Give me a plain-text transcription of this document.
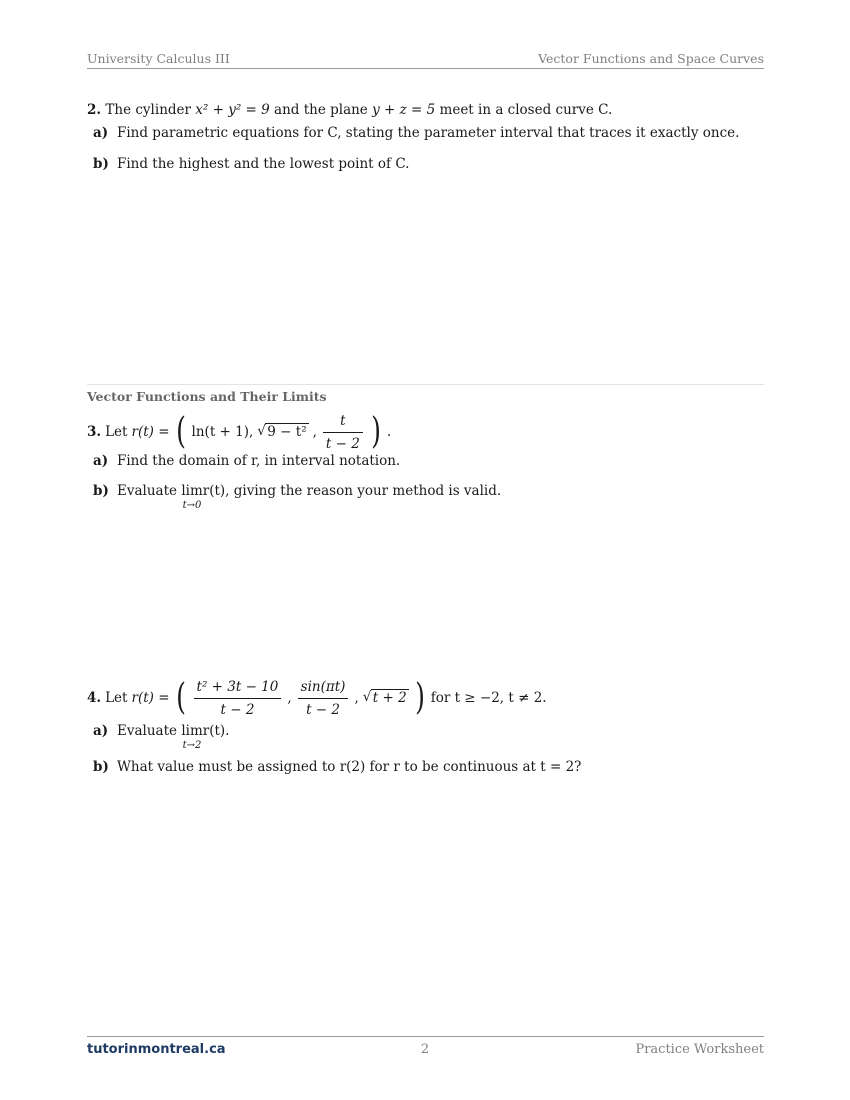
University Calculus III	Vector Functions and Space Curves
2. The cylinder x² + y² = 9 and the plane y + z = 5 meet in a closed curve C.
a) Find parametric equations for C, stating the parameter interval that traces it exactly once.
b) Find the highest and the lowest point of C.
Vector Functions and Their Limits
3. Let r(t) = ( ln(t + 1), √ 9 − t² , $\frac{t}{t - 2}$ ) .
a) Find the domain of r, in interval notation.
b) Evaluate lim
t→0
r(t), giving the reason your method is valid.
4. Let r(t) = ( $\frac{\text{t² + 3t − 10}}{t - 2}$ , $\frac{\sin(\pi t)}{t - 2}$ , √ t + 2 ) for t ≥ −2, t ≠ 2.
a) Evaluate lim
t→2
r(t).
b) What value must be assigned to r(2) for r to be continuous at t = 2?
tutorinmontreal.ca	2	Practice Worksheet
